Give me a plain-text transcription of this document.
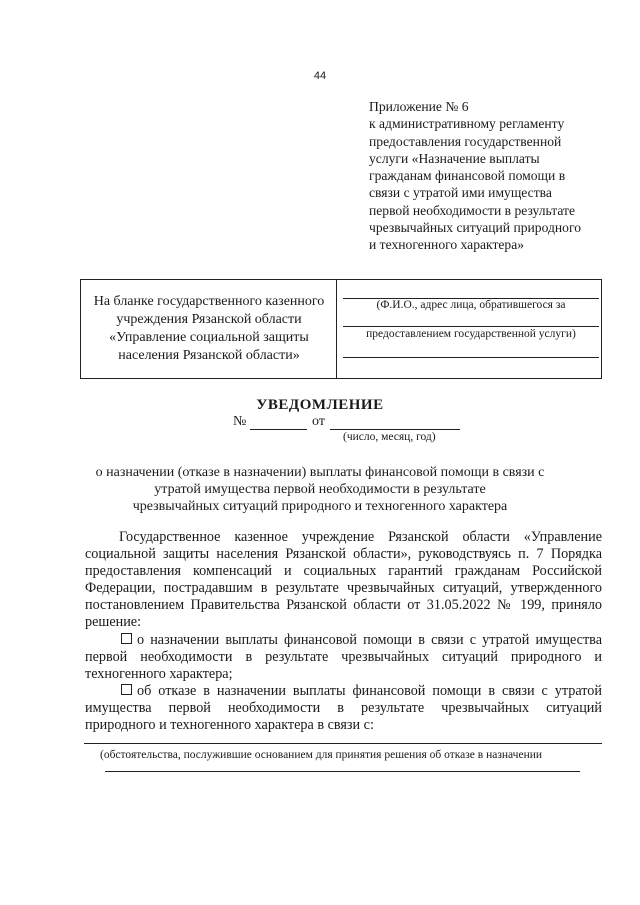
44
Приложение № 6
к административному регламенту
предоставления государственной
услуги «Назначение выплаты
гражданам финансовой помощи в
связи с утратой ими имущества
первой необходимости в результате
чрезвычайных ситуаций природного
и техногенного характера»
На бланке государственного казенного
учреждения Рязанской области
«Управление социальной защиты
населения Рязанской области»
(Ф.И.О., адрес лица, обратившегося за
предоставлением государственной услуги)
УВЕДОМЛЕНИЕ
№	от
(число, месяц, год)
о назначении (отказе в назначении) выплаты финансовой помощи в связи с
утратой имущества первой необходимости в результате
чрезвычайных ситуаций природного и техногенного характера
Государственное казенное учреждение Рязанской области «Управление
социальной защиты населения Рязанской области», руководствуясь п. 7 Порядка
предоставления компенсаций и социальных гарантий гражданам Российской
Федерации, пострадавшим в результате чрезвычайных ситуаций, утвержденного
постановлением Правительства Рязанской области от 31.05.2022 № 199, приняло
решение:
о назначении выплаты финансовой помощи в связи с утратой имущества
первой необходимости в результате чрезвычайных ситуаций природного и
техногенного характера;
об отказе в назначении выплаты финансовой помощи в связи с утратой
имущества первой необходимости в результате чрезвычайных ситуаций
природного и техногенного характера в связи с:
(обстоятельства, послужившие основанием для принятия решения об отказе в назначении
